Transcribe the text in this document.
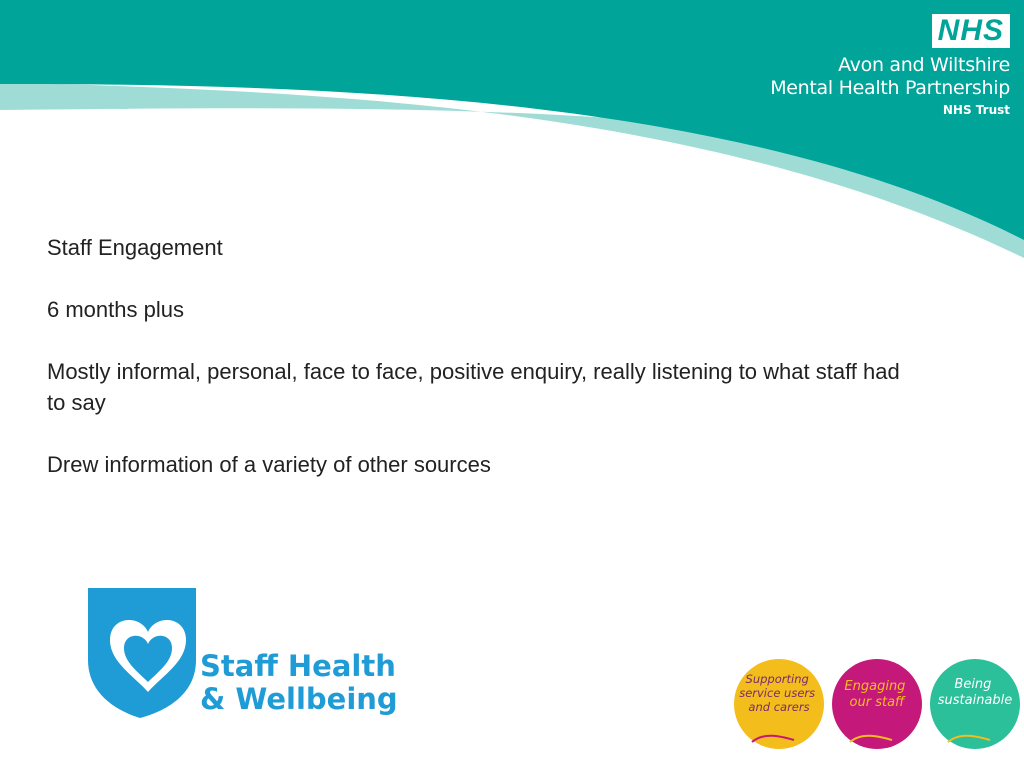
NHS
Avon and Wiltshire
Mental Health Partnership
NHS Trust

Staff Engagement

6 months plus

Mostly informal, personal, face to face, positive enquiry, really listening to what staff had to say

Drew information of a variety of other sources

Staff Health
& Wellbeing
Supporting service users and carers
Engaging our staff
Being sustainable
